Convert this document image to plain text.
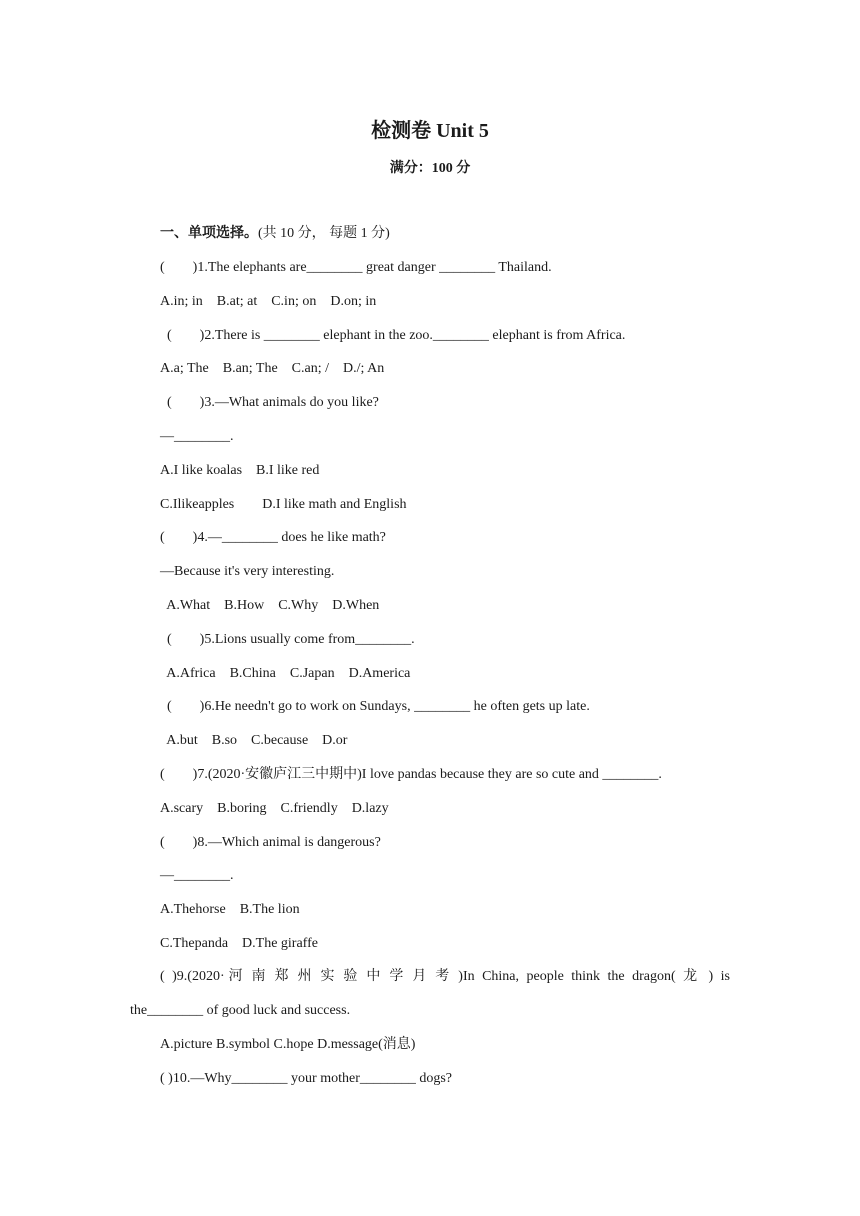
检测卷 Unit 5
满分：100 分
一、单项选择。(共 10 分， 每题 1 分)
(        )1.The elephants are________ great danger ________ Thailand.
A.in; in    B.at; at    C.in; on    D.on; in
(        )2.There is ________ elephant in the zoo.________ elephant is from Africa.
A.a; The    B.an; The    C.an; /    D./; An
(        )3.—What animals do you like?
—________.
A.I like koalas    B.I like red
C.Ilikeapples        D.I like math and English
(        )4.—________ does he like math?
—Because it's very interesting.
A.What    B.How    C.Why    D.When
(        )5.Lions usually come from________.
A.Africa    B.China    C.Japan    D.America
(        )6.He needn't go to work on Sundays, ________ he often gets up late.
A.but    B.so    C.because    D.or
(        )7.(2020·安徽庐江三中期中)I love pandas because they are so cute and ________.
A.scary    B.boring    C.friendly    D.lazy
(        )8.—Which animal is dangerous?
—________.
A.Thehorse    B.The lion
C.Thepanda    D.The giraffe
( )9.(2020·河南郑州实验中学月考)In China, people think the dragon( 龙 ) is
the________ of good luck and success.
A.picture B.symbol C.hope D.message(消息)
( )10.—Why________ your mother________ dogs?
